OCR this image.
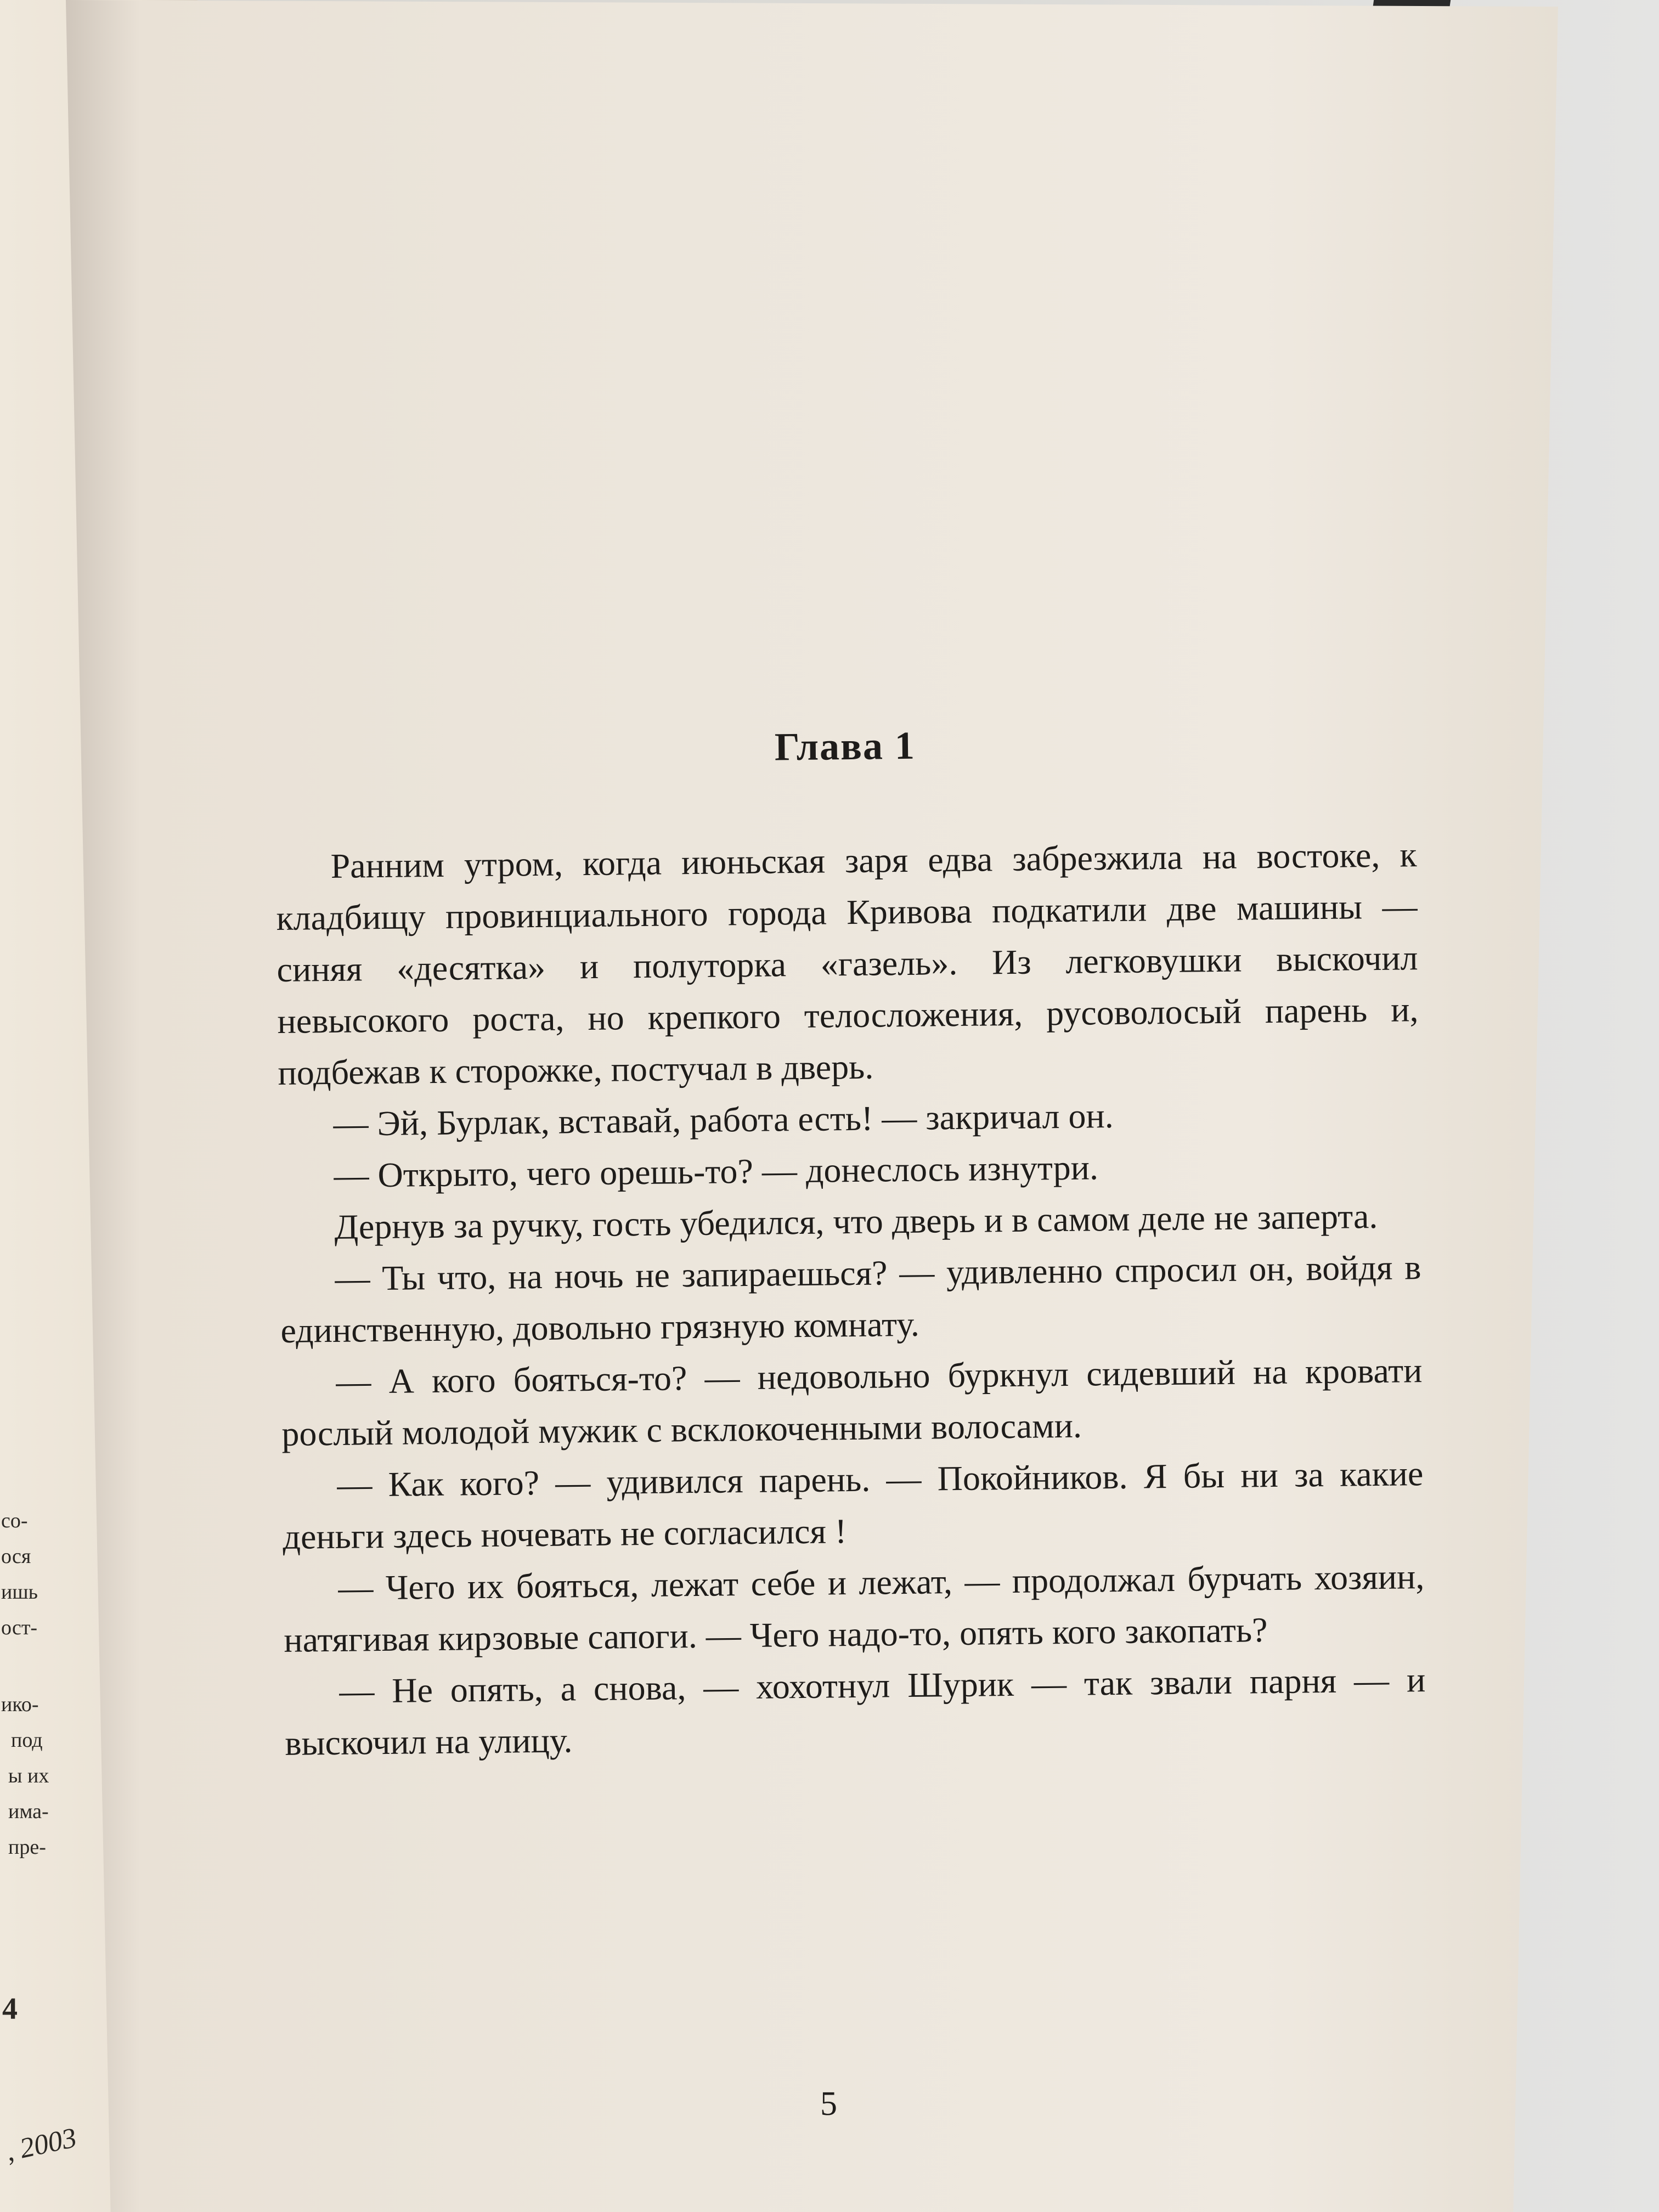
со-
ося
ишь
ост-
ико-
под
ы их
има-
пре-
4
, 2003

Глава 1

Ранним утром, когда июньская заря едва забрезжила на востоке, к кладбищу провинциального города Кривова подкатили две машины — синяя «десятка» и полуторка «газель». Из легковушки выскочил невысокого роста, но крепкого телосложения, русоволосый парень и, подбежав к сторожке, постучал в дверь.

— Эй, Бурлак, вставай, работа есть! — закричал он.

— Открыто, чего орешь-то? — донеслось изнутри.

Дернув за ручку, гость убедился, что дверь и в самом деле не заперта.

— Ты что, на ночь не запираешься? — удивленно спросил он, войдя в единственную, довольно грязную комнату.

— А кого бояться-то? — недовольно буркнул сидевший на кровати рослый молодой мужик с всклокоченными волосами.

— Как кого? — удивился парень. — Покойников. Я бы ни за какие деньги здесь ночевать не согласился !

— Чего их бояться, лежат себе и лежат, — продолжал бурчать хозяин, натягивая кирзовые сапоги. — Чего надо-то, опять кого закопать?

— Не опять, а снова, — хохотнул Шурик — так звали парня — и выскочил на улицу.

5
